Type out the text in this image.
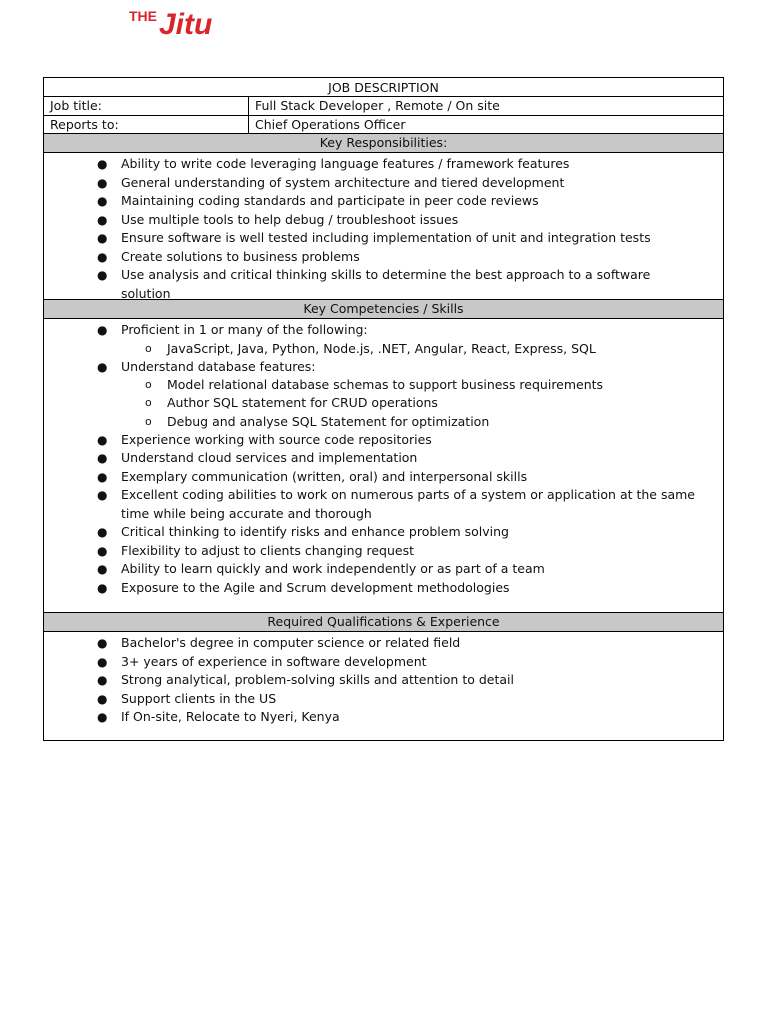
THE Jitu
JOB DESCRIPTION
Job title:	Full Stack Developer , Remote / On site
Reports to:	Chief Operations Officer
Key Responsibilities:
● Ability to write code leveraging language features / framework features
● General understanding of system architecture and tiered development
● Maintaining coding standards and participate in peer code reviews
● Use multiple tools to help debug / troubleshoot issues
● Ensure software is well tested including implementation of unit and integration tests
● Create solutions to business problems
● Use analysis and critical thinking skills to determine the best approach to a software solution
Key Competencies / Skills
● Proficient in 1 or many of the following:
o JavaScript, Java, Python, Node.js, .NET, Angular, React, Express, SQL
● Understand database features:
o Model relational database schemas to support business requirements
o Author SQL statement for CRUD operations
o Debug and analyse SQL Statement for optimization
● Experience working with source code repositories
● Understand cloud services and implementation
● Exemplary communication (written, oral) and interpersonal skills
● Excellent coding abilities to work on numerous parts of a system or application at the same time while being accurate and thorough
● Critical thinking to identify risks and enhance problem solving
● Flexibility to adjust to clients changing request
● Ability to learn quickly and work independently or as part of a team
● Exposure to the Agile and Scrum development methodologies
Required Qualifications & Experience
● Bachelor's degree in computer science or related field
● 3+ years of experience in software development
● Strong analytical, problem-solving skills and attention to detail
● Support clients in the US
● If On-site, Relocate to Nyeri, Kenya
